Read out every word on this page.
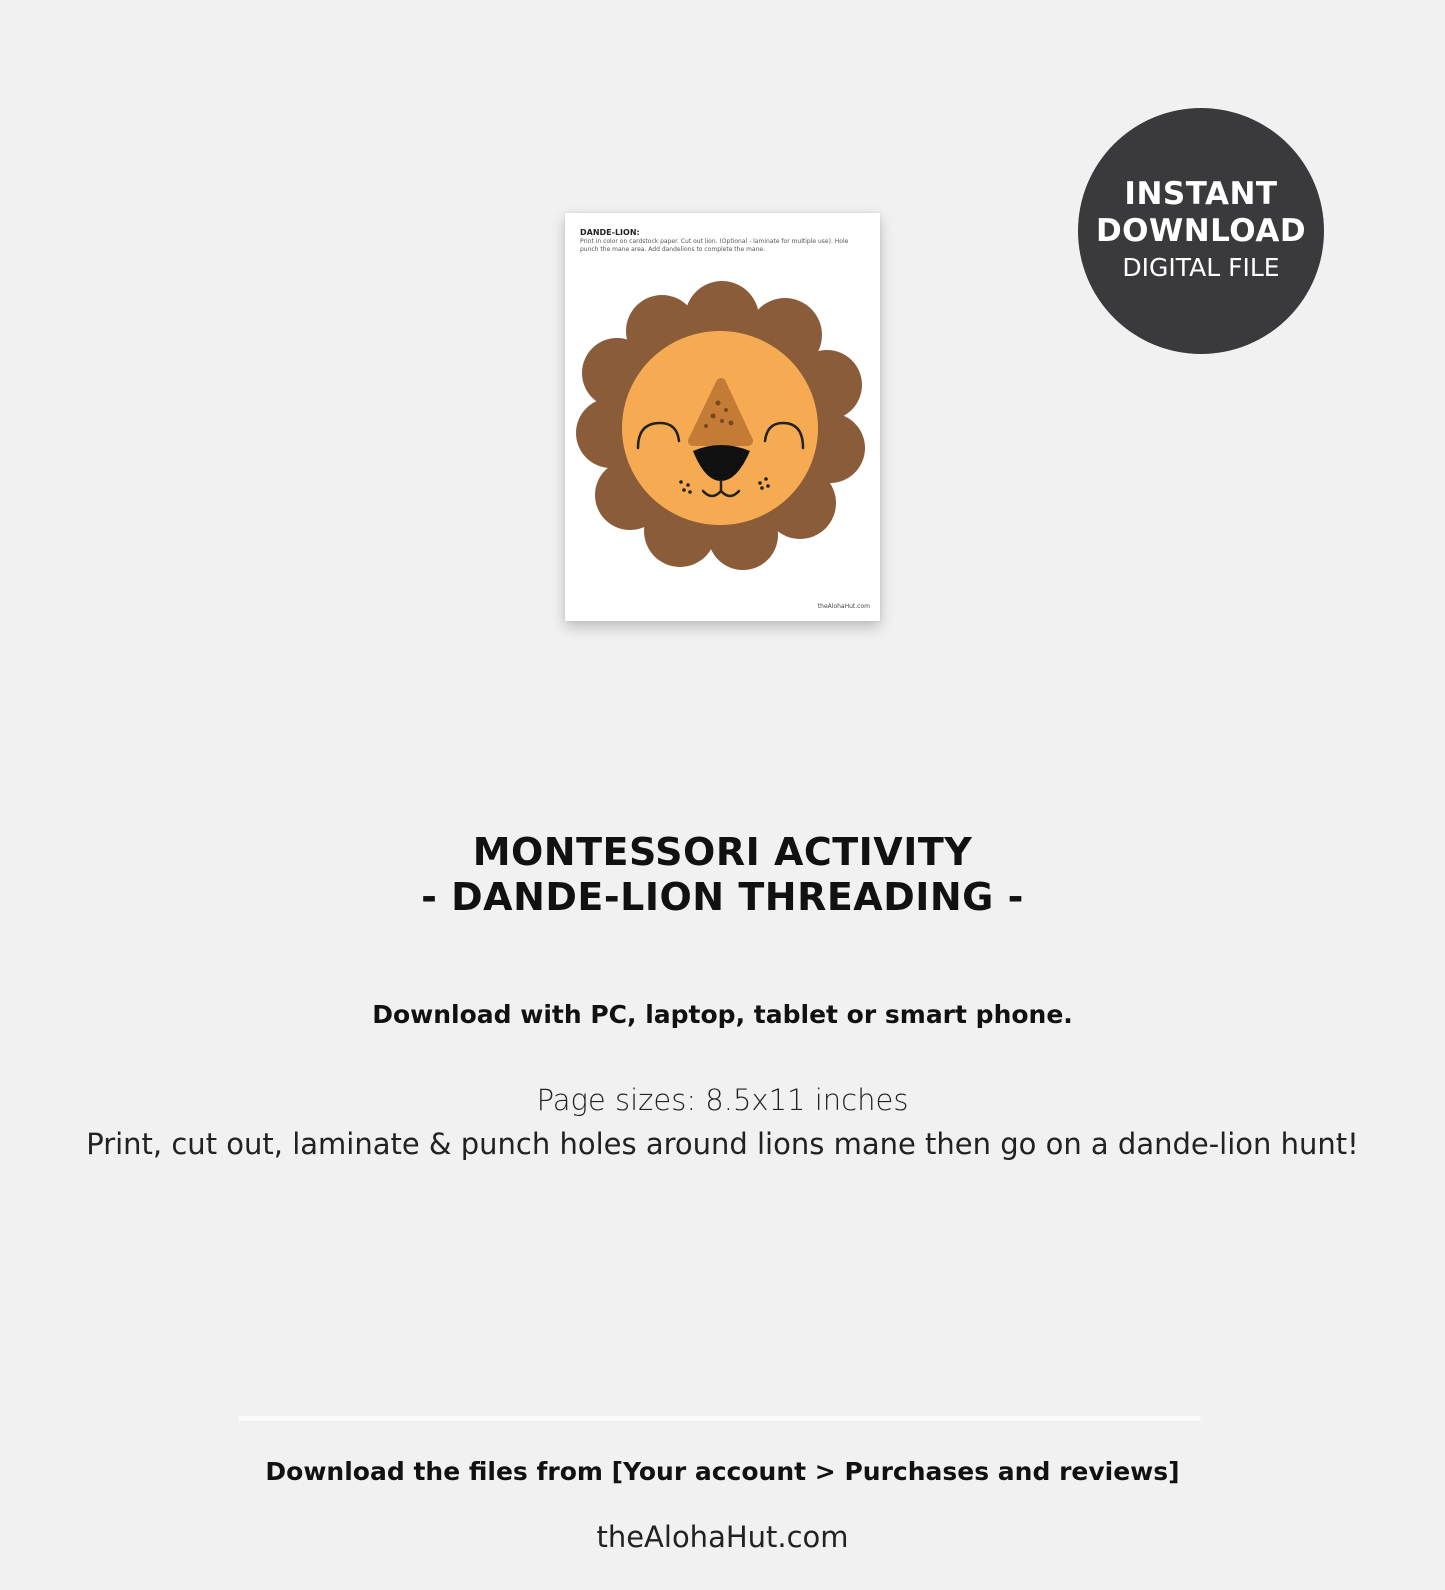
INSTANT
DOWNLOAD
DIGITAL FILE
DANDE-LION:
Print in color on cardstock paper. Cut out lion. (Optional - laminate for multiple use). Hole punch the mane area. Add dandelions to complete the mane.
theAlohaHut.com
MONTESSORI ACTIVITY
- DANDE-LION THREADING -
Download with PC, laptop, tablet or smart phone.
Page sizes: 8.5x11 inches
Print, cut out, laminate & punch holes around lions mane then go on a dande-lion hunt!
Download the files from [Your account > Purchases and reviews]
theAlohaHut.com
